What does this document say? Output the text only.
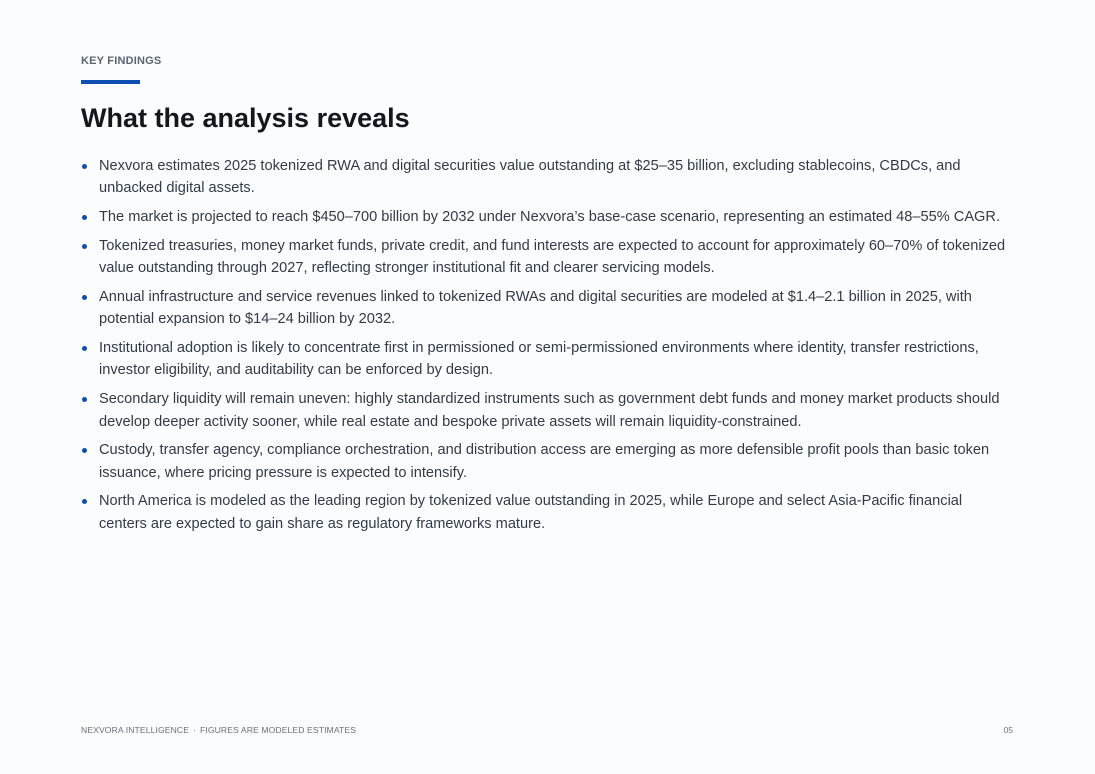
KEY FINDINGS
What the analysis reveals
Nexvora estimates 2025 tokenized RWA and digital securities value outstanding at $25–35 billion, excluding stablecoins, CBDCs, and unbacked digital assets.
The market is projected to reach $450–700 billion by 2032 under Nexvora’s base-case scenario, representing an estimated 48–55% CAGR.
Tokenized treasuries, money market funds, private credit, and fund interests are expected to account for approximately 60–70% of tokenized value outstanding through 2027, reflecting stronger institutional fit and clearer servicing models.
Annual infrastructure and service revenues linked to tokenized RWAs and digital securities are modeled at $1.4–2.1 billion in 2025, with potential expansion to $14–24 billion by 2032.
Institutional adoption is likely to concentrate first in permissioned or semi-permissioned environments where identity, transfer restrictions, investor eligibility, and auditability can be enforced by design.
Secondary liquidity will remain uneven: highly standardized instruments such as government debt funds and money market products should develop deeper activity sooner, while real estate and bespoke private assets will remain liquidity-constrained.
Custody, transfer agency, compliance orchestration, and distribution access are emerging as more defensible profit pools than basic token issuance, where pricing pressure is expected to intensify.
North America is modeled as the leading region by tokenized value outstanding in 2025, while Europe and select Asia-Pacific financial centers are expected to gain share as regulatory frameworks mature.
NEXVORA INTELLIGENCE · FIGURES ARE MODELED ESTIMATES	05
